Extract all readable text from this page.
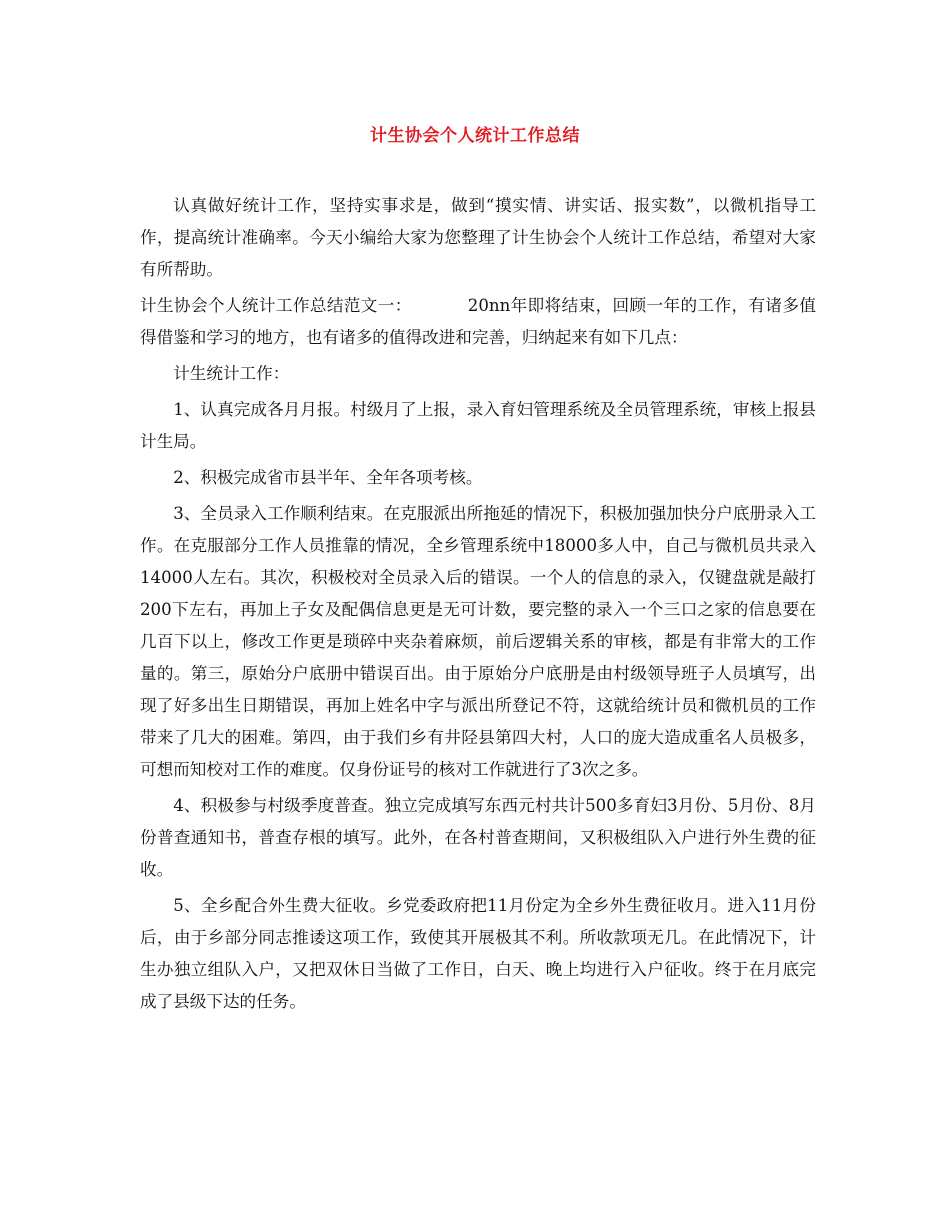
计生协会个人统计工作总结

认真做好统计工作，坚持实事求是，做到“摸实情、讲实话、报实数”，以微机指导工作，提高统计准确率。今天小编给大家为您整理了计生协会个人统计工作总结，希望对大家有所帮助。

计生协会个人统计工作总结范文一：	20nn年即将结束，回顾一年的工作，有诸多值得借鉴和学习的地方，也有诸多的值得改进和完善，归纳起来有如下几点：

计生统计工作：

1、认真完成各月月报。村级月了上报，录入育妇管理系统及全员管理系统，审核上报县计生局。

2、积极完成省市县半年、全年各项考核。

3、全员录入工作顺利结束。在克服派出所拖延的情况下，积极加强加快分户底册录入工作。在克服部分工作人员推靠的情况，全乡管理系统中18000多人中，自己与微机员共录入14000人左右。其次，积极校对全员录入后的错误。一个人的信息的录入，仅键盘就是敲打200下左右，再加上子女及配偶信息更是无可计数，要完整的录入一个三口之家的信息要在几百下以上，修改工作更是琐碎中夹杂着麻烦，前后逻辑关系的审核，都是有非常大的工作量的。第三，原始分户底册中错误百出。由于原始分户底册是由村级领导班子人员填写，出现了好多出生日期错误，再加上姓名中字与派出所登记不符，这就给统计员和微机员的工作带来了几大的困难。第四，由于我们乡有井陉县第四大村，人口的庞大造成重名人员极多，可想而知校对工作的难度。仅身份证号的核对工作就进行了3次之多。

4、积极参与村级季度普查。独立完成填写东西元村共计500多育妇3月份、5月份、8月份普查通知书，普查存根的填写。此外，在各村普查期间，又积极组队入户进行外生费的征收。

5、全乡配合外生费大征收。乡党委政府把11月份定为全乡外生费征收月。进入11月份后，由于乡部分同志推诿这项工作，致使其开展极其不利。所收款项无几。在此情况下，计生办独立组队入户，又把双休日当做了工作日，白天、晚上均进行入户征收。终于在月底完成了县级下达的任务。
